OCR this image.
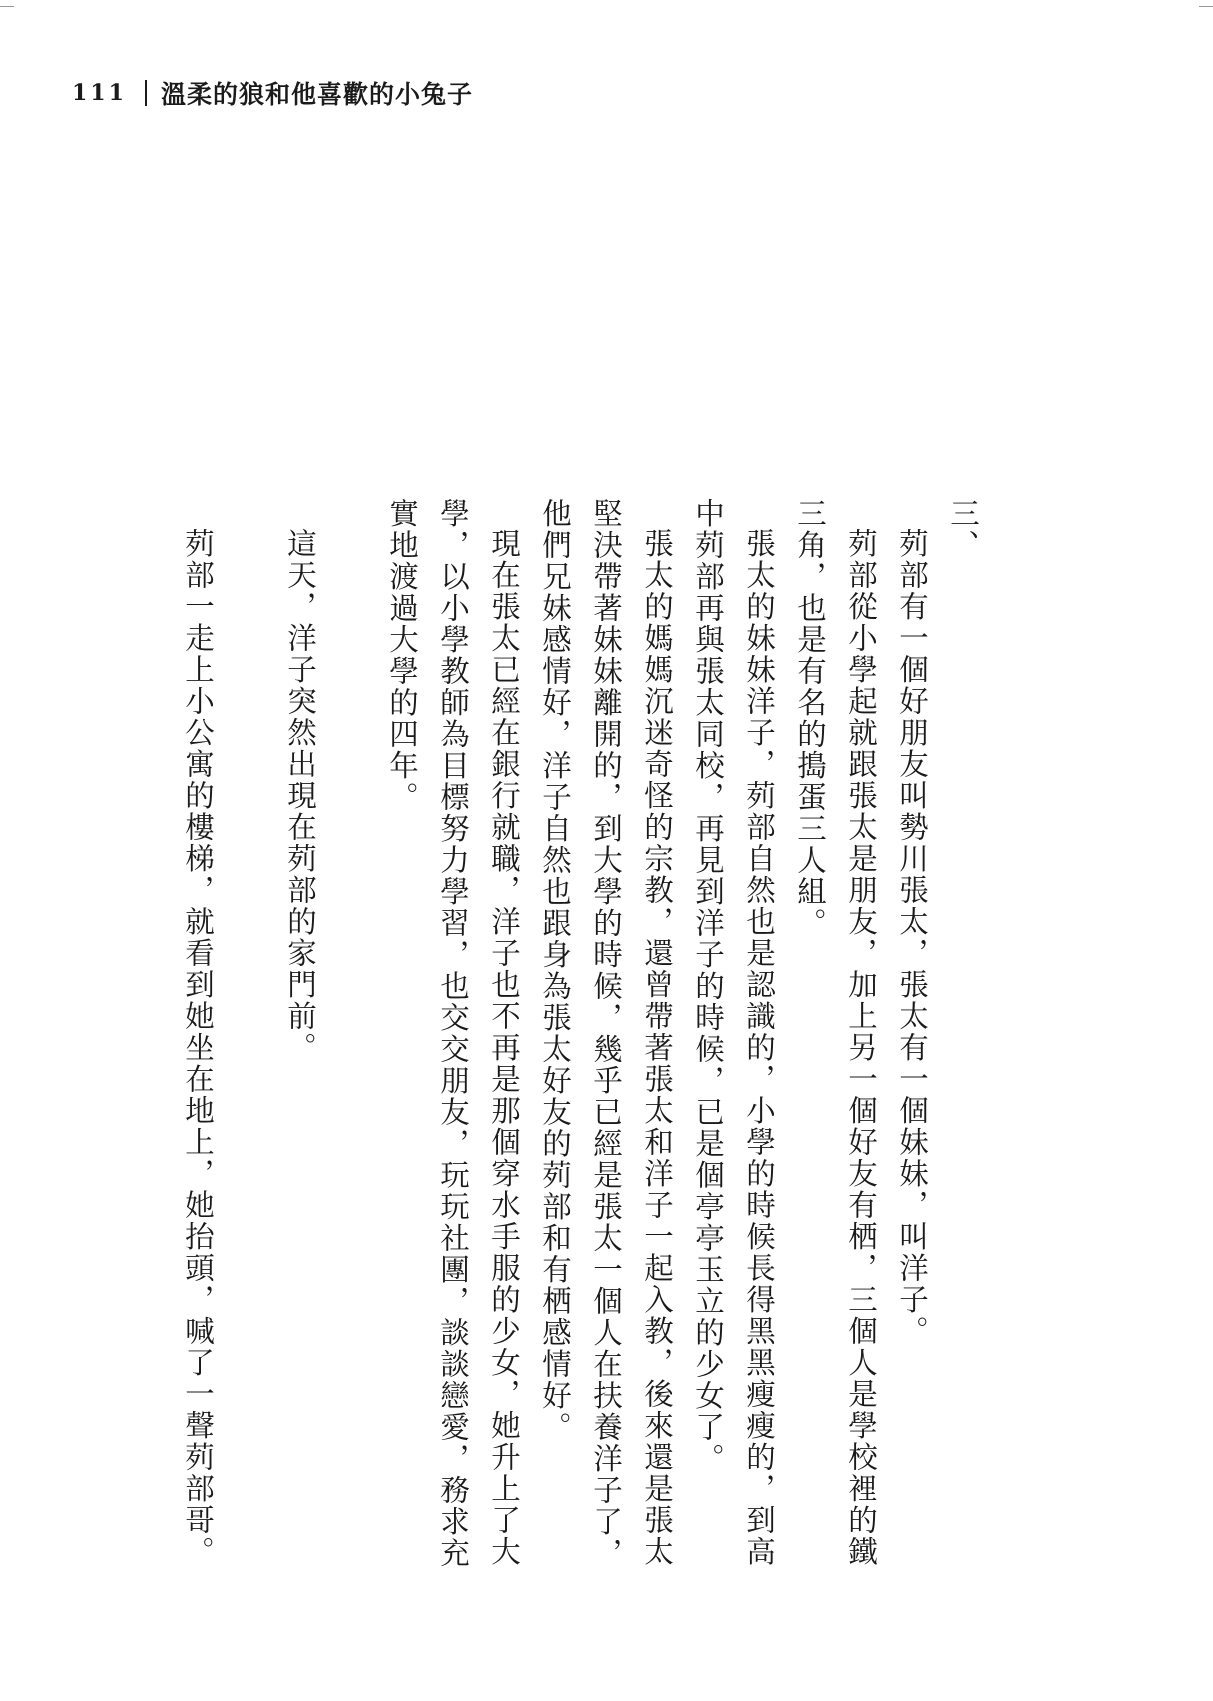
111 溫柔的狼和他喜歡的小兔子

三、

茢部有一個好朋友叫勢川張太，張太有一個妹妹，叫洋子。

茢部從小學起就跟張太是朋友，加上另一個好友有栖，三個人是學校裡的鐵三角，也是有名的搗蛋三人組。

張太的妹妹洋子，茢部自然也是認識的，小學的時候長得黑黑瘦瘦的，到高中茢部再與張太同校，再見到洋子的時候，已是個亭亭玉立的少女了。

張太的媽媽沉迷奇怪的宗教，還曾帶著張太和洋子一起入教，後來還是張太堅決帶著妹妹離開的，到大學的時候，幾乎已經是張太一個人在扶養洋子了，他們兄妹感情好，洋子自然也跟身為張太好友的茢部和有栖感情好。

現在張太已經在銀行就職，洋子也不再是那個穿水手服的少女，她升上了大學，以小學教師為目標努力學習，也交交朋友，玩玩社團，談談戀愛，務求充實地渡過大學的四年。

這天，洋子突然出現在茢部的家門前。

茢部一走上小公寓的樓梯，就看到她坐在地上，她抬頭，喊了一聲茢部哥。
